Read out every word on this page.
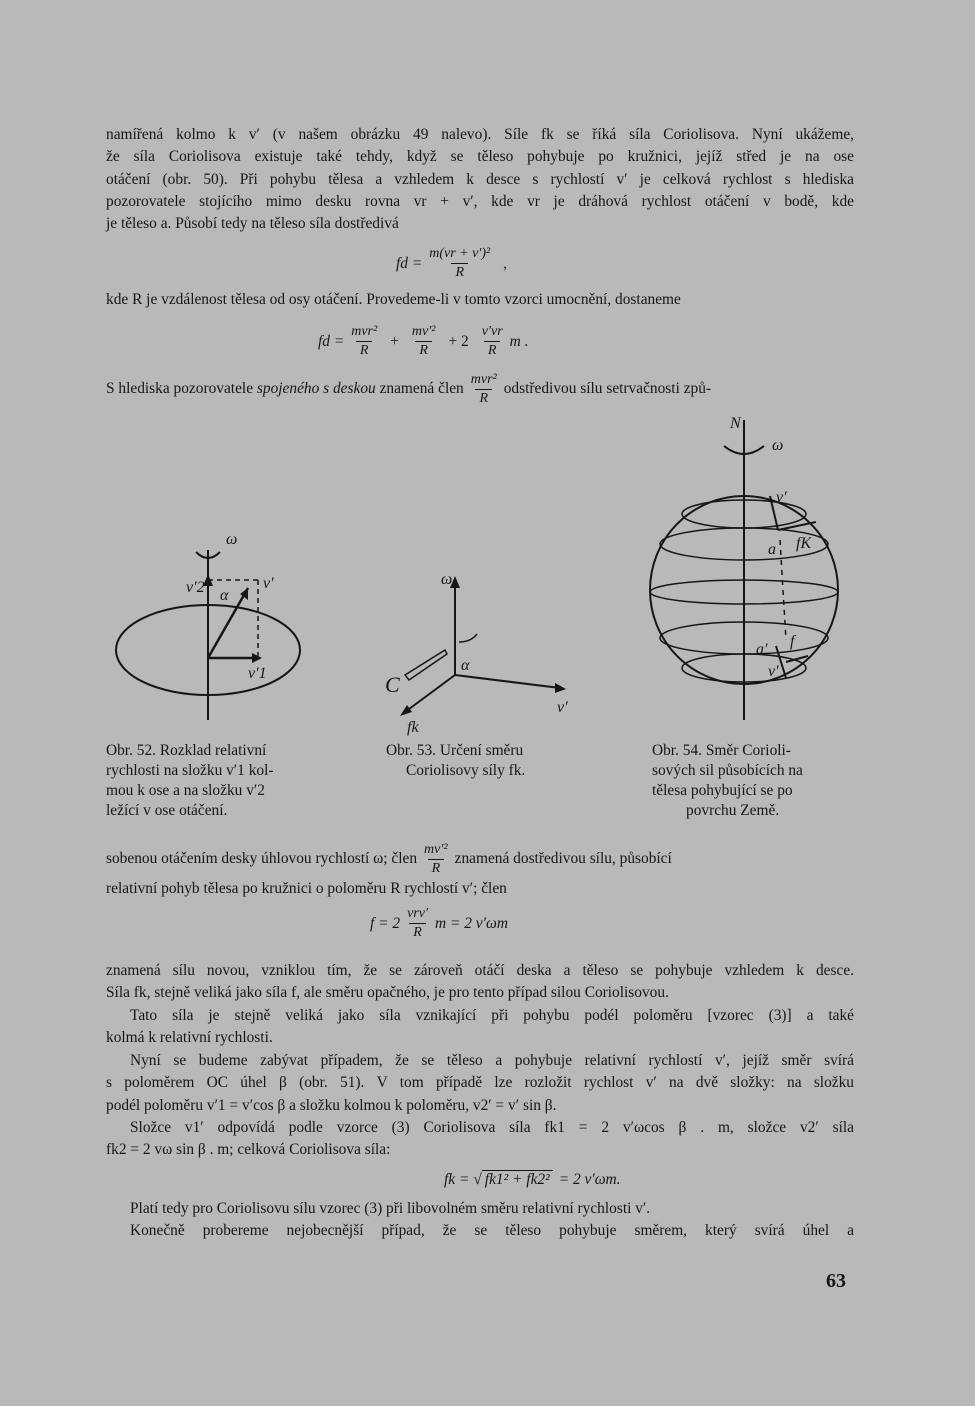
namířená kolmo k v′ (v našem obrázku 49 nalevo). Síle fk se říká síla Coriolisova. Nyní ukážeme,
že síla Coriolisova existuje také tehdy, když se těleso pohybuje po kružnici, jejíž střed je na ose
otáčení (obr. 50). Při pohybu tělesa a vzhledem k desce s rychlostí v′ je celková rychlost s hlediska
pozorovatele stojícího mimo desku rovna vr + v′, kde vr je dráhová rychlost otáčení v bodě, kde
je těleso a. Působí tedy na těleso síla dostředivá
fd = $\frac{\text{m(vr + v′)²}}{R}$ ,
kde R je vzdálenost tělesa od osy otáčení. Provedeme-li v tomto vzorci umocnění, dostaneme
fd = $\frac{\text{mvr²}}{R} + \frac{\text{mv′²}}{R} + 2 \frac{v'vr}{R}$ m .
S hlediska pozorovatele
spojeného s deskou
znamená člen $\frac{\text{mvr²}}{R}$ odstředivou sílu setrvačnosti způ-
ω
v′2 α
v′
v′1
ω
C
α
v′
fk
N
ω
v′
a fK
a′ f
v′
Obr. 52. Rozklad relativní
rychlosti na složku v′1 kol-
mou k ose a na složku v′2
ležící v ose otáčení.
Obr. 53. Určení směru
Coriolisovy síly fk.
Obr. 54. Směr Corioli-
sových sil působících na
tělesa pohybující se po
povrchu Země.
sobenou otáčením desky úhlovou rychlostí ω; člen $\frac{\text{mv′²}}{R}$ znamená dostředivou sílu, působící
relativní pohyb tělesa po kružnici o poloměru R rychlostí v′; člen
$f = 2 \frac{\text{vrv′}}{R}$ m = 2 v′ωm
znamená sílu novou, vzniklou tím, že se zároveň otáčí deska a těleso se pohybuje vzhledem k desce.
Síla fk, stejně veliká jako síla f, ale směru opačného, je pro tento případ silou Coriolisovou.
Tato síla je stejně veliká jako síla vznikající při pohybu podél poloměru [vzorec (3)] a také
kolmá k relativní rychlosti.
Nyní se budeme zabývat případem, že se těleso a pohybuje relativní rychlostí v′, jejíž směr svírá
s poloměrem OC úhel β (obr. 51). V tom případě lze rozložit rychlost v′ na dvě složky: na složku
podél poloměru v′1 = v′cos β a složku kolmou k poloměru, v2′ = v′ sin β.
Složce v1′ odpovídá podle vzorce (3) Coriolisova síla fk1 = 2 v′ωcos β . m, složce v2′ síla
fk2 = 2 vω sin β . m; celková Coriolisova síla:
fk = √ fk1² + fk2² = 2 v′ωm.
Platí tedy pro Coriolisovu sílu vzorec (3) při libovolném směru relativní rychlosti v′.
Konečně probereme nejobecnější případ, že se těleso pohybuje směrem, který svírá úhel a
63
